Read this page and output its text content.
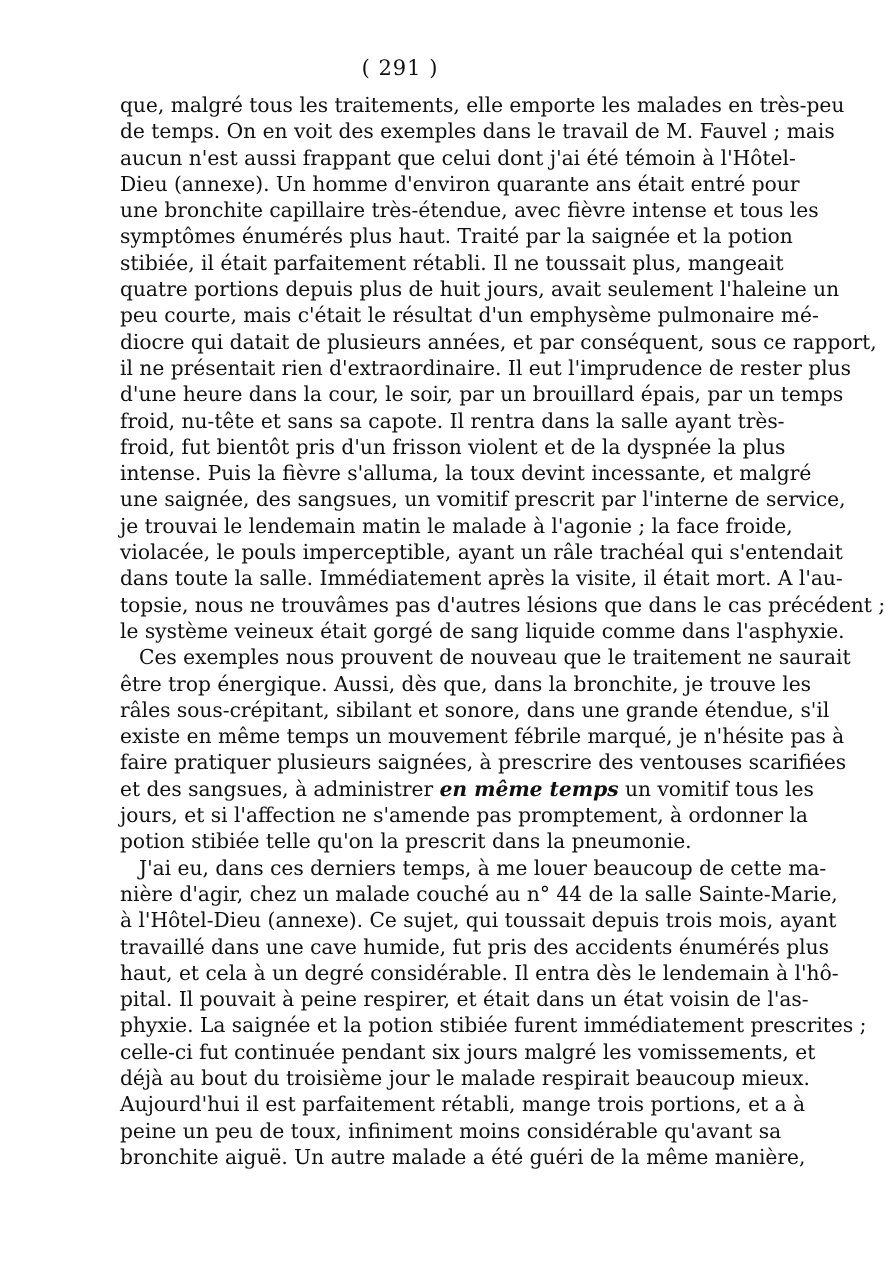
( 291 )

que, malgré tous les traitements, elle emporte les malades en très-peu
de temps. On en voit des exemples dans le travail de M. Fauvel ; mais
aucun n'est aussi frappant que celui dont j'ai été témoin à l'Hôtel-
Dieu (annexe). Un homme d'environ quarante ans était entré pour
une bronchite capillaire très-étendue, avec fièvre intense et tous les
symptômes énumérés plus haut. Traité par la saignée et la potion
stibiée, il était parfaitement rétabli. Il ne toussait plus, mangeait
quatre portions depuis plus de huit jours, avait seulement l'haleine un
peu courte, mais c'était le résultat d'un emphysème pulmonaire mé-
diocre qui datait de plusieurs années, et par conséquent, sous ce rapport,
il ne présentait rien d'extraordinaire. Il eut l'imprudence de rester plus
d'une heure dans la cour, le soir, par un brouillard épais, par un temps
froid, nu-tête et sans sa capote. Il rentra dans la salle ayant très-
froid, fut bientôt pris d'un frisson violent et de la dyspnée la plus
intense. Puis la fièvre s'alluma, la toux devint incessante, et malgré
une saignée, des sangsues, un vomitif prescrit par l'interne de service,
je trouvai le lendemain matin le malade à l'agonie ; la face froide,
violacée, le pouls imperceptible, ayant un râle trachéal qui s'entendait
dans toute la salle. Immédiatement après la visite, il était mort. A l'au-
topsie, nous ne trouvâmes pas d'autres lésions que dans le cas précédent ;
le système veineux était gorgé de sang liquide comme dans l'asphyxie.

Ces exemples nous prouvent de nouveau que le traitement ne saurait
être trop énergique. Aussi, dès que, dans la bronchite, je trouve les
râles sous-crépitant, sibilant et sonore, dans une grande étendue, s'il
existe en même temps un mouvement fébrile marqué, je n'hésite pas à
faire pratiquer plusieurs saignées, à prescrire des ventouses scarifiées
et des sangsues, à administrer en même temps un vomitif tous les
jours, et si l'affection ne s'amende pas promptement, à ordonner la
potion stibiée telle qu'on la prescrit dans la pneumonie.

J'ai eu, dans ces derniers temps, à me louer beaucoup de cette ma-
nière d'agir, chez un malade couché au n° 44 de la salle Sainte-Marie,
à l'Hôtel-Dieu (annexe). Ce sujet, qui toussait depuis trois mois, ayant
travaillé dans une cave humide, fut pris des accidents énumérés plus
haut, et cela à un degré considérable. Il entra dès le lendemain à l'hô-
pital. Il pouvait à peine respirer, et était dans un état voisin de l'as-
phyxie. La saignée et la potion stibiée furent immédiatement prescrites ;
celle-ci fut continuée pendant six jours malgré les vomissements, et
déjà au bout du troisième jour le malade respirait beaucoup mieux.
Aujourd'hui il est parfaitement rétabli, mange trois portions, et a à
peine un peu de toux, infiniment moins considérable qu'avant sa
bronchite aiguë. Un autre malade a été guéri de la même manière,
